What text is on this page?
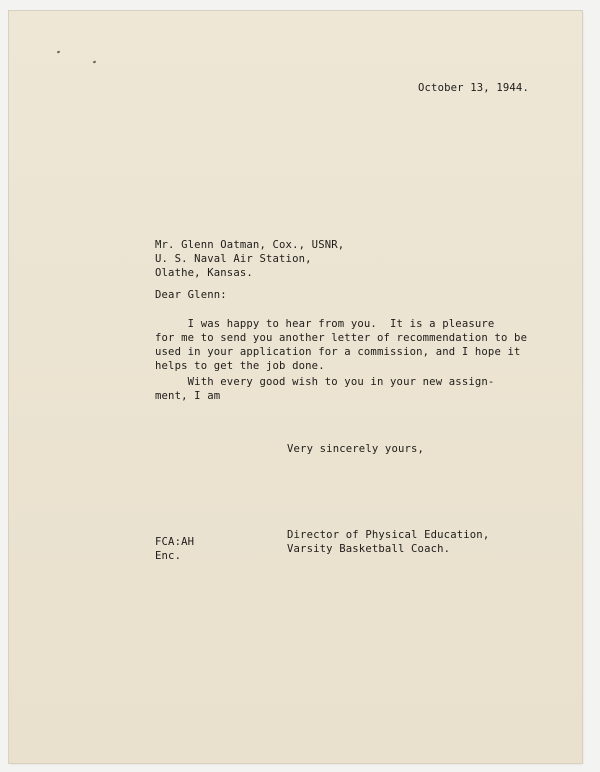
October 13, 1944.
Mr. Glenn Oatman, Cox., USNR,
U. S. Naval Air Station,
Olathe, Kansas.
Dear Glenn:
I was happy to hear from you.  It is a pleasure
for me to send you another letter of recommendation to be
used in your application for a commission, and I hope it
helps to get the job done.
With every good wish to you in your new assign-
ment, I am
Very sincerely yours,
Director of Physical Education,
Varsity Basketball Coach.
FCA:AH
Enc.
